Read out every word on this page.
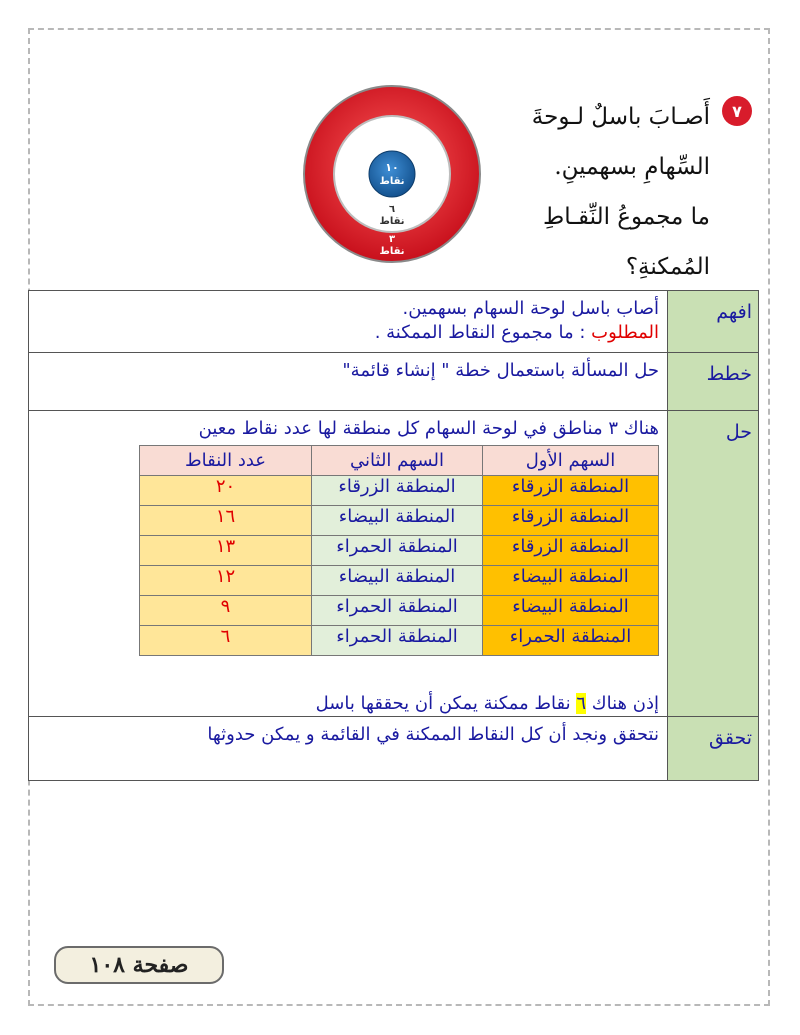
٧
أَصـابَ باسلٌ لـوحةَ
السِّهامِ بسهمينِ.
ما مجموعُ النِّقـاطِ
المُمكنةِ؟
١٠
نقاط
٦
نقاط
٣
نقاط
افهم	
أصاب باسل لوحة السهام بسهمين.
المطلوب : ما مجموع النقاط الممكنة .

خطط	
حل المسألة باستعمال خطة " إنشاء قائمة"

حل	
هناك ٣ مناطق في لوحة السهام كل منطقة لها عدد نقاط معين
السهم الأول	السهم الثاني	عدد النقاط
المنطقة الزرقاء	المنطقة الزرقاء	٢٠
المنطقة الزرقاء	المنطقة البيضاء	١٦
المنطقة الزرقاء	المنطقة الحمراء	١٣
المنطقة البيضاء	المنطقة البيضاء	١٢
المنطقة البيضاء	المنطقة الحمراء	٩
المنطقة الحمراء	المنطقة الحمراء	٦
إذن هناك ٦ نقاط ممكنة يمكن أن يحققها باسل

تحقق	
نتحقق ونجد أن كل النقاط الممكنة في القائمة و يمكن حدوثها
صفحة ١٠٨
